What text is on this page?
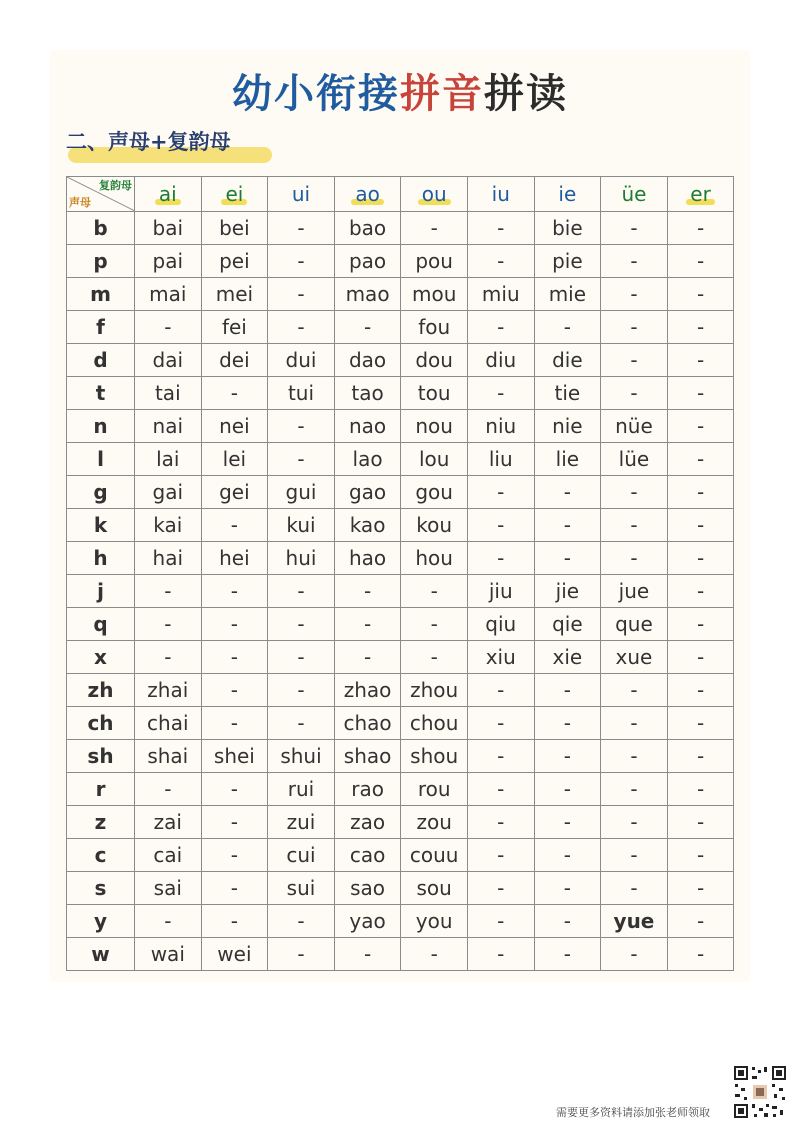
幼小衔接拼音拼读
二、声母+复韵母
复韵母
声母	ai	ei	ui	ao	ou	iu	ie	üe	er
b	bai	bei	-	bao	-	-	bie	-	-
p	pai	pei	-	pao	pou	-	pie	-	-
m	mai	mei	-	mao	mou	miu	mie	-	-
f	-	fei	-	-	fou	-	-	-	-
d	dai	dei	dui	dao	dou	diu	die	-	-
t	tai	-	tui	tao	tou	-	tie	-	-
n	nai	nei	-	nao	nou	niu	nie	nüe	-
l	lai	lei	-	lao	lou	liu	lie	lüe	-
g	gai	gei	gui	gao	gou	-	-	-	-
k	kai	-	kui	kao	kou	-	-	-	-
h	hai	hei	hui	hao	hou	-	-	-	-
j	-	-	-	-	-	jiu	jie	jue	-
q	-	-	-	-	-	qiu	qie	que	-
x	-	-	-	-	-	xiu	xie	xue	-
zh	zhai	-	-	zhao	zhou	-	-	-	-
ch	chai	-	-	chao	chou	-	-	-	-
sh	shai	shei	shui	shao	shou	-	-	-	-
r	-	-	rui	rao	rou	-	-	-	-
z	zai	-	zui	zao	zou	-	-	-	-
c	cai	-	cui	cao	couu	-	-	-	-
s	sai	-	sui	sao	sou	-	-	-	-
y	-	-	-	yao	you	-	-	yue	-
w	wai	wei	-	-	-	-	-	-	-
需要更多资料请添加张老师领取
